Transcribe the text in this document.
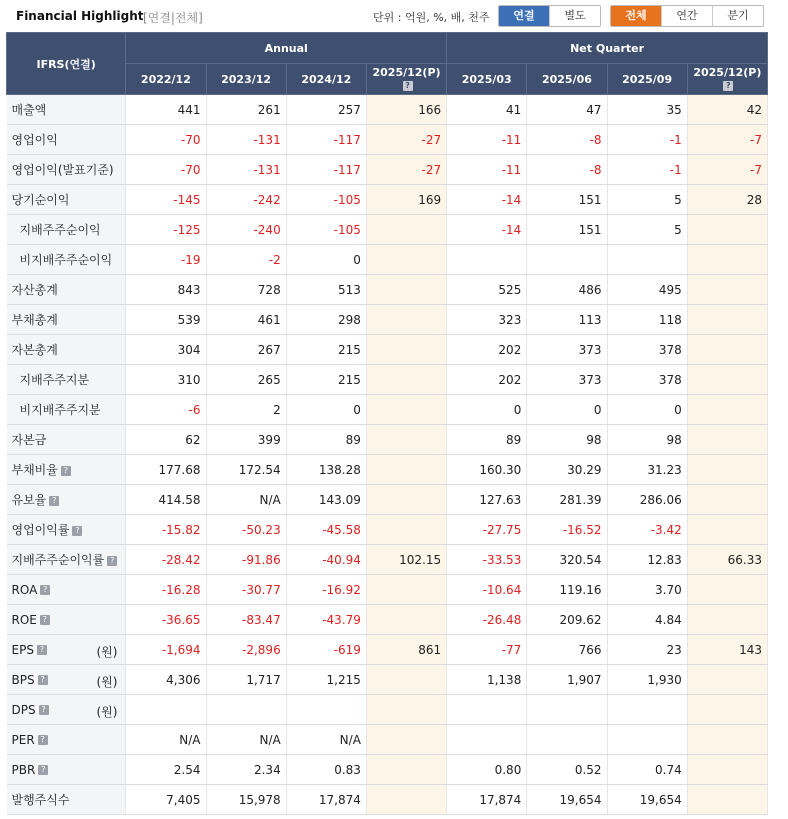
Financial Highlight [연결|전체]	단위 : 억원, %, 배, 천주	연결	별도	전체	연간	분기
IFRS(연결)	Annual				Net Quarter			
	2022/12	2023/12	2024/12	2025/12(P)?	2025/03	2025/06	2025/09	2025/12(P)?
매출액	441	261	257	166	41	47	35	42
영업이익	-70	-131	-117	-27	-11	-8	-1	-7
영업이익(발표기준)	-70	-131	-117	-27	-11	-8	-1	-7
당기순이익	-145	-242	-105	169	-14	151	5	28
지배주주순이익	-125	-240	-105		-14	151	5	
비지배주주순이익	-19	-2	0					
자산총계	843	728	513		525	486	495	
부채총계	539	461	298		323	113	118	
자본총계	304	267	215		202	373	378	
지배주주지분	310	265	215		202	373	378	
비지배주주지분	-6	2	0		0	0	0	
자본금	62	399	89		89	98	98	
부채비율 ?	177.68	172.54	138.28		160.30	30.29	31.23	
유보율 ?	414.58	N/A	143.09		127.63	281.39	286.06	
영업이익률 ?	-15.82	-50.23	-45.58		-27.75	-16.52	-3.42	
지배주주순이익률 ?	-28.42	-91.86	-40.94	102.15	-33.53	320.54	12.83	66.33
ROA ?	-16.28	-30.77	-16.92		-10.64	119.16	3.70	
ROE ?	-36.65	-83.47	-43.79		-26.48	209.62	4.84	
EPS ? (원)	-1,694	-2,896	-619	861	-77	766	23	143
BPS ? (원)	4,306	1,717	1,215		1,138	1,907	1,930	
DPS ? (원)								

PER ?	N/A	N/A	N/A					
PBR ?	2.54	2.34	0.83		0.80	0.52	0.74	
발행주식수	7,405	15,978	17,874		17,874	19,654	19,654	
